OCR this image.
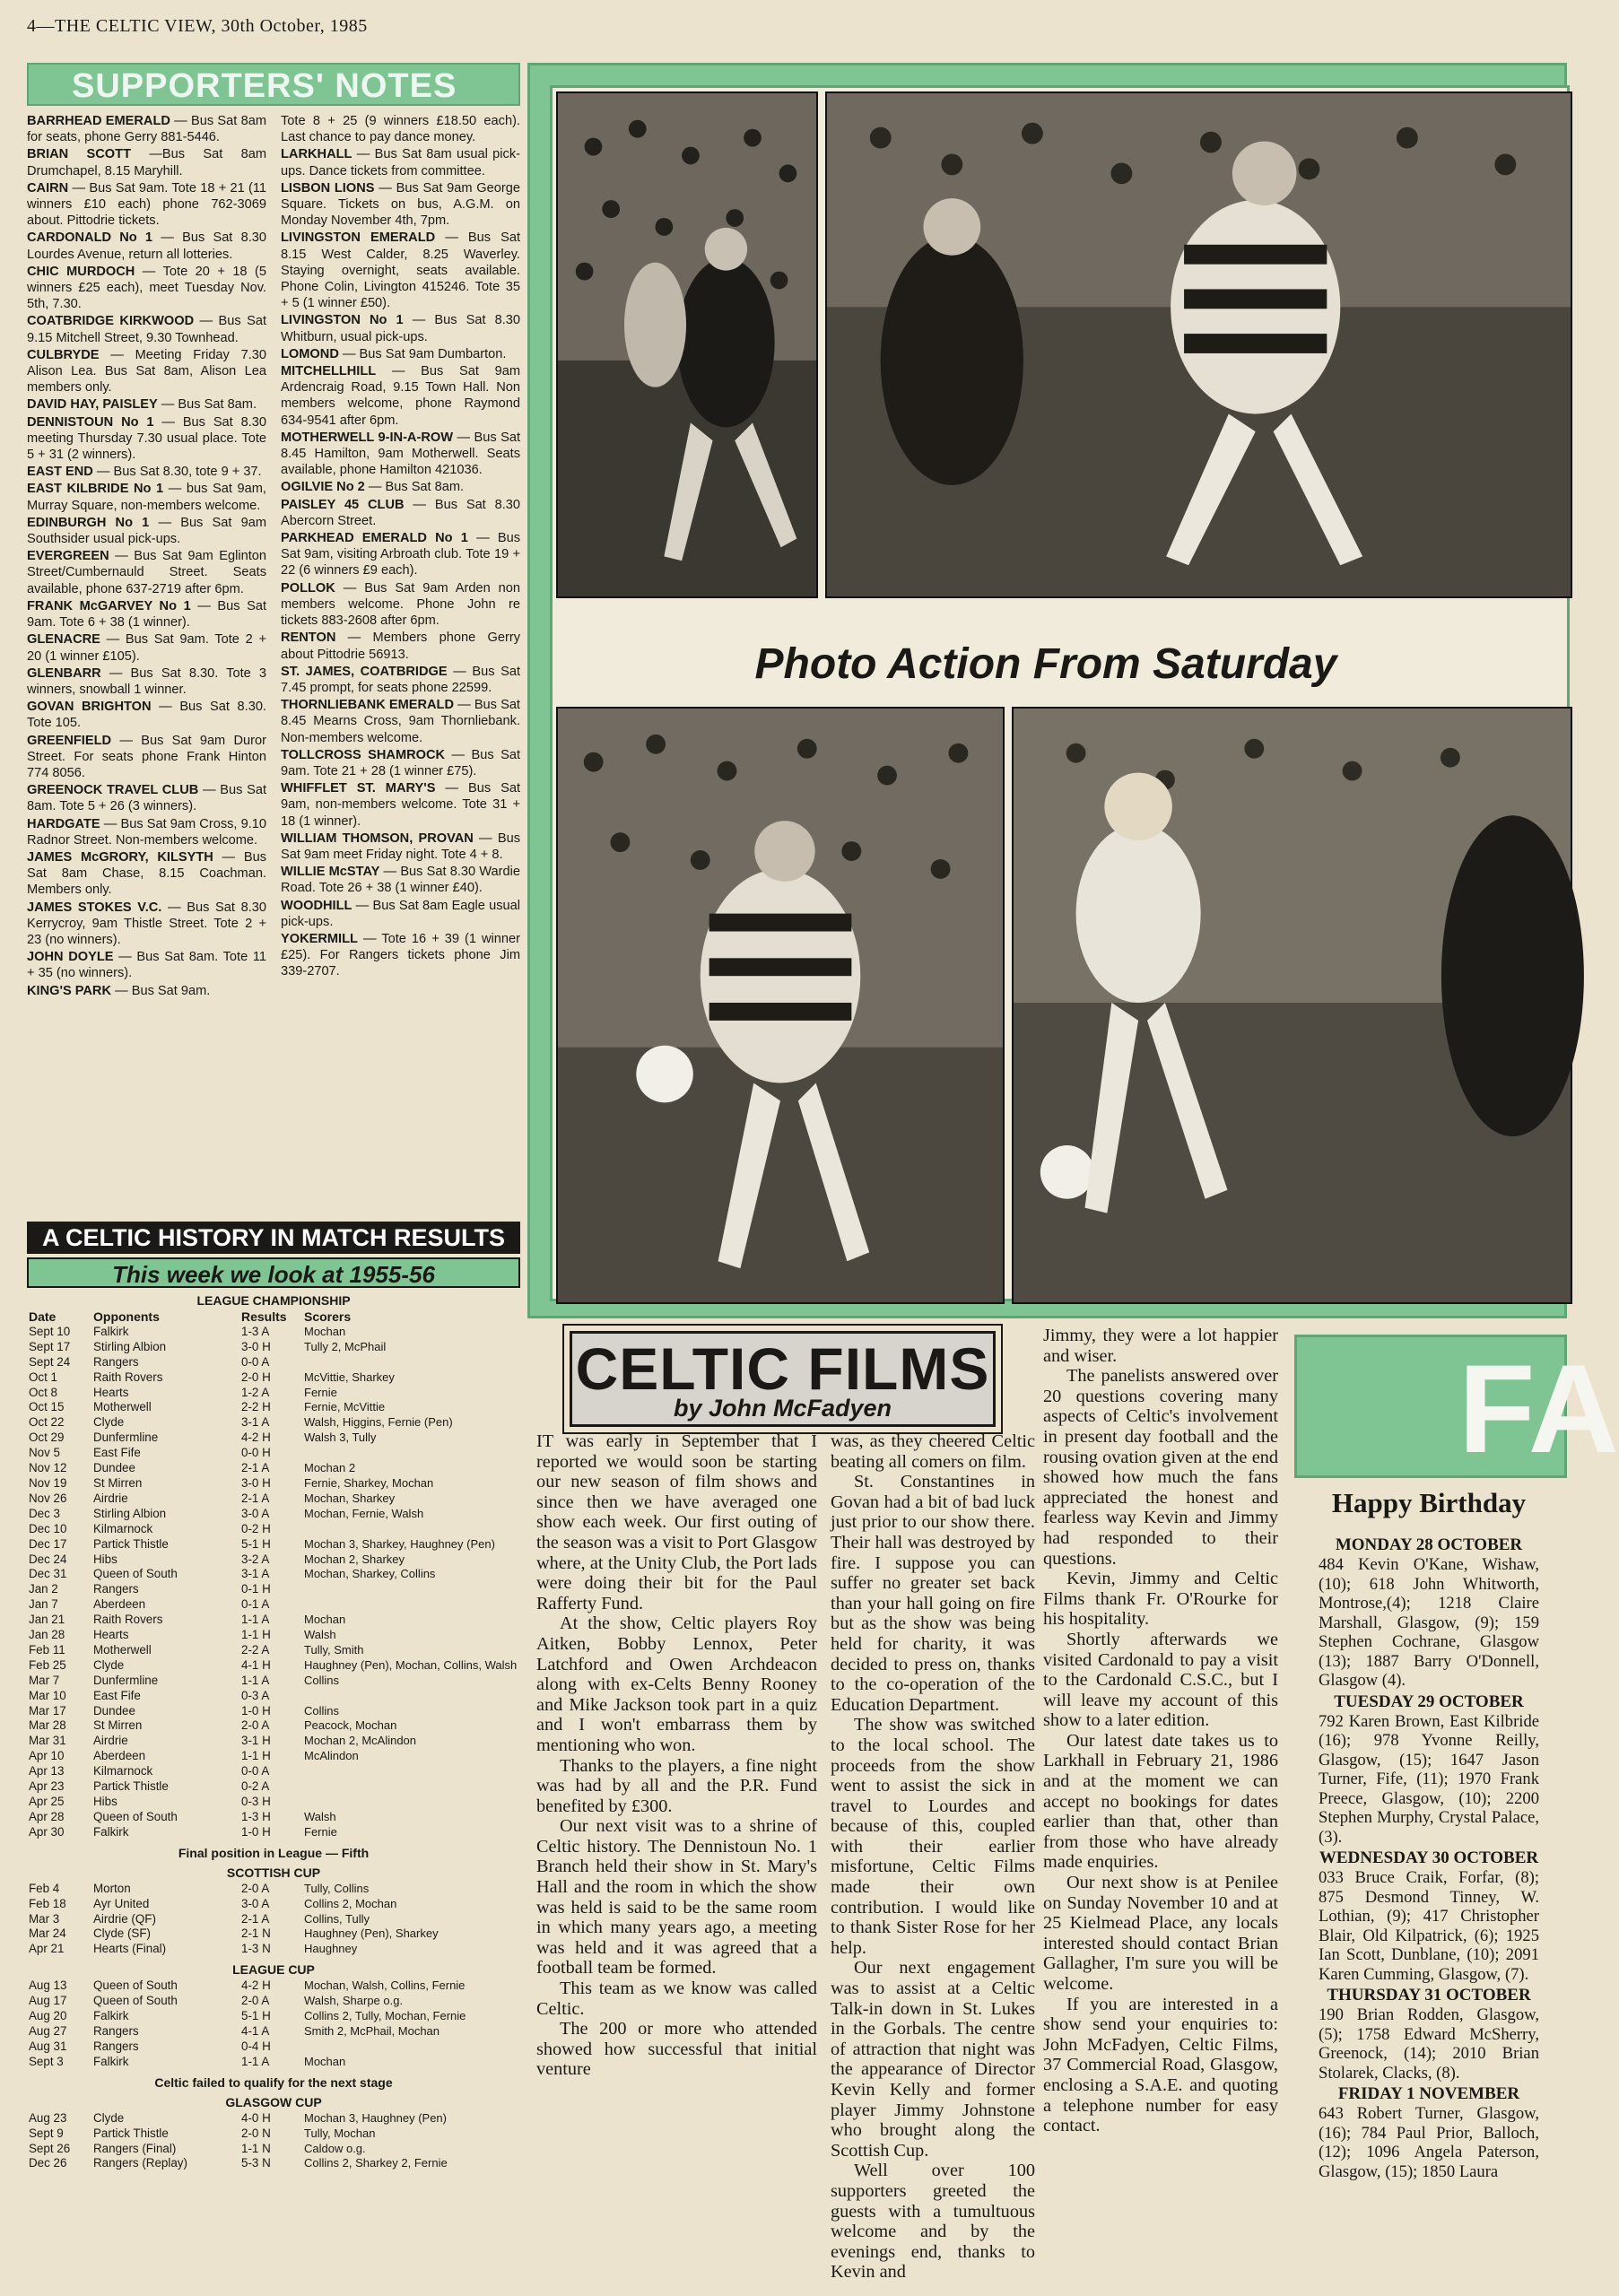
4—THE CELTIC VIEW, 30th October, 1985
SUPPORTERS' NOTES
BARRHEAD EMERALD — Bus Sat 8am for seats, phone Gerry 881-5446.
BRIAN SCOTT —Bus Sat 8am Drumchapel, 8.15 Maryhill.
CAIRN — Bus Sat 9am. Tote 18 + 21 (11 winners £10 each) phone 762-3069 about. Pittodrie tickets.
CARDONALD No 1 — Bus Sat 8.30 Lourdes Avenue, return all lotteries.
CHIC MURDOCH — Tote 20 + 18 (5 winners £25 each), meet Tuesday Nov. 5th, 7.30.
COATBRIDGE KIRKWOOD — Bus Sat 9.15 Mitchell Street, 9.30 Townhead.
CULBRYDE — Meeting Friday 7.30 Alison Lea. Bus Sat 8am, Alison Lea members only.
DAVID HAY, PAISLEY — Bus Sat 8am.
DENNISTOUN No 1 — Bus Sat 8.30 meeting Thursday 7.30 usual place. Tote 5 + 31 (2 winners).
EAST END — Bus Sat 8.30, tote 9 + 37.
EAST KILBRIDE No 1 — bus Sat 9am, Murray Square, non-members welcome.
EDINBURGH No 1 — Bus Sat 9am Southsider usual pick-ups.
EVERGREEN — Bus Sat 9am Eglinton Street/Cumbernauld Street. Seats available, phone 637-2719 after 6pm.
FRANK McGARVEY No 1 — Bus Sat 9am. Tote 6 + 38 (1 winner).
GLENACRE — Bus Sat 9am. Tote 2 + 20 (1 winner £105).
GLENBARR — Bus Sat 8.30. Tote 3 winners, snowball 1 winner.
GOVAN BRIGHTON — Bus Sat 8.30. Tote 105.
GREENFIELD — Bus Sat 9am Duror Street. For seats phone Frank Hinton 774 8056.
GREENOCK TRAVEL CLUB — Bus Sat 8am. Tote 5 + 26 (3 winners).
HARDGATE — Bus Sat 9am Cross, 9.10 Radnor Street. Non-members welcome.
JAMES McGRORY, KILSYTH — Bus Sat 8am Chase, 8.15 Coachman. Members only.
JAMES STOKES V.C. — Bus Sat 8.30 Kerrycroy, 9am Thistle Street. Tote 2 + 23 (no winners).
JOHN DOYLE — Bus Sat 8am. Tote 11 + 35 (no winners).
KING'S PARK — Bus Sat 9am.
Tote 8 + 25 (9 winners £18.50 each). Last chance to pay dance money.
LARKHALL — Bus Sat 8am usual pick-ups. Dance tickets from committee.
LISBON LIONS — Bus Sat 9am George Square. Tickets on bus, A.G.M. on Monday November 4th, 7pm.
LIVINGSTON EMERALD — Bus Sat 8.15 West Calder, 8.25 Waverley. Staying overnight, seats available. Phone Colin, Livington 415246. Tote 35 + 5 (1 winner £50).
LIVINGSTON No 1 — Bus Sat 8.30 Whitburn, usual pick-ups.
LOMOND — Bus Sat 9am Dumbarton.
MITCHELLHILL — Bus Sat 9am Ardencraig Road, 9.15 Town Hall. Non members welcome, phone Raymond 634-9541 after 6pm.
MOTHERWELL 9-IN-A-ROW — Bus Sat 8.45 Hamilton, 9am Motherwell. Seats available, phone Hamilton 421036.
OGILVIE No 2 — Bus Sat 8am.
PAISLEY 45 CLUB — Bus Sat 8.30 Abercorn Street.
PARKHEAD EMERALD No 1 — Bus Sat 9am, visiting Arbroath club. Tote 19 + 22 (6 winners £9 each).
POLLOK — Bus Sat 9am Arden non members welcome. Phone John re tickets 883-2608 after 6pm.
RENTON — Members phone Gerry about Pittodrie 56913.
ST. JAMES, COATBRIDGE — Bus Sat 7.45 prompt, for seats phone 22599.
THORNLIEBANK EMERALD — Bus Sat 8.45 Mearns Cross, 9am Thornliebank. Non-members welcome.
TOLLCROSS SHAMROCK — Bus Sat 9am. Tote 21 + 28 (1 winner £75).
WHIFFLET ST. MARY'S — Bus Sat 9am, non-members welcome. Tote 31 + 18 (1 winner).
WILLIAM THOMSON, PROVAN — Bus Sat 9am meet Friday night. Tote 4 + 8.
WILLIE McSTAY — Bus Sat 8.30 Wardie Road. Tote 26 + 38 (1 winner £40).
WOODHILL — Bus Sat 8am Eagle usual pick-ups.
YOKERMILL — Tote 16 + 39 (1 winner £25). For Rangers tickets phone Jim 339-2707.
A CELTIC HISTORY IN MATCH RESULTS
This week we look at 1955-56
LEAGUE CHAMPIONSHIP
Date	Opponents	Results	Scorers
Sept 10	Falkirk	1-3 A	Mochan
Sept 17	Stirling Albion	3-0 H	Tully 2, McPhail
Sept 24	Rangers	0-0 A	
Oct 1	Raith Rovers	2-0 H	McVittie, Sharkey
Oct 8	Hearts	1-2 A	Fernie
Oct 15	Motherwell	2-2 H	Fernie, McVittie
Oct 22	Clyde	3-1 A	Walsh, Higgins, Fernie (Pen)
Oct 29	Dunfermline	4-2 H	Walsh 3, Tully
Nov 5	East Fife	0-0 H	
Nov 12	Dundee	2-1 A	Mochan 2
Nov 19	St Mirren	3-0 H	Fernie, Sharkey, Mochan
Nov 26	Airdrie	2-1 A	Mochan, Sharkey
Dec 3	Stirling Albion	3-0 A	Mochan, Fernie, Walsh
Dec 10	Kilmarnock	0-2 H	
Dec 17	Partick Thistle	5-1 H	Mochan 3, Sharkey, Haughney (Pen)
Dec 24	Hibs	3-2 A	Mochan 2, Sharkey
Dec 31	Queen of South	3-1 A	Mochan, Sharkey, Collins
Jan 2	Rangers	0-1 H	
Jan 7	Aberdeen	0-1 A	
Jan 21	Raith Rovers	1-1 A	Mochan
Jan 28	Hearts	1-1 H	Walsh
Feb 11	Motherwell	2-2 A	Tully, Smith
Feb 25	Clyde	4-1 H	Haughney (Pen), Mochan, Collins, Walsh
Mar 7	Dunfermline	1-1 A	Collins
Mar 10	East Fife	0-3 A	
Mar 17	Dundee	1-0 H	Collins
Mar 28	St Mirren	2-0 A	Peacock, Mochan
Mar 31	Airdrie	3-1 H	Mochan 2, McAlindon
Apr 10	Aberdeen	1-1 H	McAlindon
Apr 13	Kilmarnock	0-0 A	
Apr 23	Partick Thistle	0-2 A	
Apr 25	Hibs	0-3 H	
Apr 28	Queen of South	1-3 H	Walsh
Apr 30	Falkirk	1-0 H	Fernie
Final position in League — Fifth
SCOTTISH CUP
Feb 4	Morton	2-0 A	Tully, Collins
Feb 18	Ayr United	3-0 A	Collins 2, Mochan
Mar 3	Airdrie (QF)	2-1 A	Collins, Tully
Mar 24	Clyde (SF)	2-1 N	Haughney (Pen), Sharkey
Apr 21	Hearts (Final)	1-3 N	Haughney
LEAGUE CUP
Aug 13	Queen of South	4-2 H	Mochan, Walsh, Collins, Fernie
Aug 17	Queen of South	2-0 A	Walsh, Sharpe o.g.
Aug 20	Falkirk	5-1 H	Collins 2, Tully, Mochan, Fernie
Aug 27	Rangers	4-1 A	Smith 2, McPhail, Mochan
Aug 31	Rangers	0-4 H	
Sept 3	Falkirk	1-1 A	Mochan
Celtic failed to qualify for the next stage
GLASGOW CUP
Aug 23	Clyde	4-0 H	Mochan 3, Haughney (Pen)
Sept 9	Partick Thistle	2-0 N	Tully, Mochan
Sept 26	Rangers (Final)	1-1 N	Caldow o.g.
Dec 26	Rangers (Replay)	5-3 N	Collins 2, Sharkey 2, Fernie
Photo Action From Saturday
CELTIC FILMS
by John McFadyen

IT was early in September that I reported we would soon be starting our new season of film shows and since then we have averaged one show each week. Our first outing of the season was a visit to Port Glasgow where, at the Unity Club, the Port lads were doing their bit for the Paul Rafferty Fund.

At the show, Celtic players Roy Aitken, Bobby Lennox, Peter Latchford and Owen Archdeacon along with ex-Celts Benny Rooney and Mike Jackson took part in a quiz and I won't embarrass them by mentioning who won.

Thanks to the players, a fine night was had by all and the P.R. Fund benefited by £300.

Our next visit was to a shrine of Celtic history. The Dennistoun No. 1 Branch held their show in St. Mary's Hall and the room in which the show was held is said to be the same room in which many years ago, a meeting was held and it was agreed that a football team be formed.

This team as we know was called Celtic.

The 200 or more who attended showed how successful that initial venture

was, as they cheered Celtic beating all comers on film.

St. Constantines in Govan had a bit of bad luck just prior to our show there. Their hall was destroyed by fire. I suppose you can suffer no greater set back than your hall going on fire but as the show was being held for charity, it was decided to press on, thanks to the co-operation of the Education Department.

The show was switched to the local school. The proceeds from the show went to assist the sick in travel to Lourdes and because of this, coupled with their earlier misfortune, Celtic Films made their own contribution. I would like to thank Sister Rose for her help.

Our next engagement was to assist at a Celtic Talk-in down in St. Lukes in the Gorbals. The centre of attraction that night was the appearance of Director Kevin Kelly and former player Jimmy Johnstone who brought along the Scottish Cup.

Well over 100 supporters greeted the guests with a tumultuous welcome and by the evenings end, thanks to Kevin and

Jimmy, they were a lot happier and wiser.

The panelists answered over 20 questions covering many aspects of Celtic's involvement in present day football and the rousing ovation given at the end showed how much the fans appreciated the honest and fearless way Kevin and Jimmy had responded to their questions.

Kevin, Jimmy and Celtic Films thank Fr. O'Rourke for his hospitality.

Shortly afterwards we visited Cardonald to pay a visit to the Cardonald C.S.C., but I will leave my account of this show to a later edition.

Our latest date takes us to Larkhall in February 21, 1986 and at the moment we can accept no bookings for dates earlier than that, other than from those who have already made enquiries.

Our next show is at Penilee on Sunday November 10 and at 25 Kielmead Place, any locals interested should contact Brian Gallagher, I'm sure you will be welcome.

If you are interested in a show send your enquiries to: John McFadyen, Celtic Films, 37 Commercial Road, Glasgow, enclosing a S.A.E. and quoting a telephone number for easy contact.

FA
Happy Birthday
MONDAY 28 OCTOBER
484 Kevin O'Kane, Wishaw, (10); 618 John Whitworth, Montrose,(4); 1218 Claire Marshall, Glasgow, (9); 159 Stephen Cochrane, Glasgow (13); 1887 Barry O'Donnell, Glasgow (4).
TUESDAY 29 OCTOBER
792 Karen Brown, East Kilbride (16); 978 Yvonne Reilly, Glasgow, (15); 1647 Jason Turner, Fife, (11); 1970 Frank Preece, Glasgow, (10); 2200 Stephen Murphy, Crystal Palace, (3).
WEDNESDAY 30 OCTOBER
033 Bruce Craik, Forfar, (8); 875 Desmond Tinney, W. Lothian, (9); 417 Christopher Blair, Old Kilpatrick, (6); 1925 Ian Scott, Dunblane, (10); 2091 Karen Cumming, Glasgow, (7).
THURSDAY 31 OCTOBER
190 Brian Rodden, Glasgow, (5); 1758 Edward McSherry, Greenock, (14); 2010 Brian Stolarek, Clacks, (8).
FRIDAY 1 NOVEMBER
643 Robert Turner, Glasgow, (16); 784 Paul Prior, Balloch, (12); 1096 Angela Paterson, Glasgow, (15); 1850 Laura
